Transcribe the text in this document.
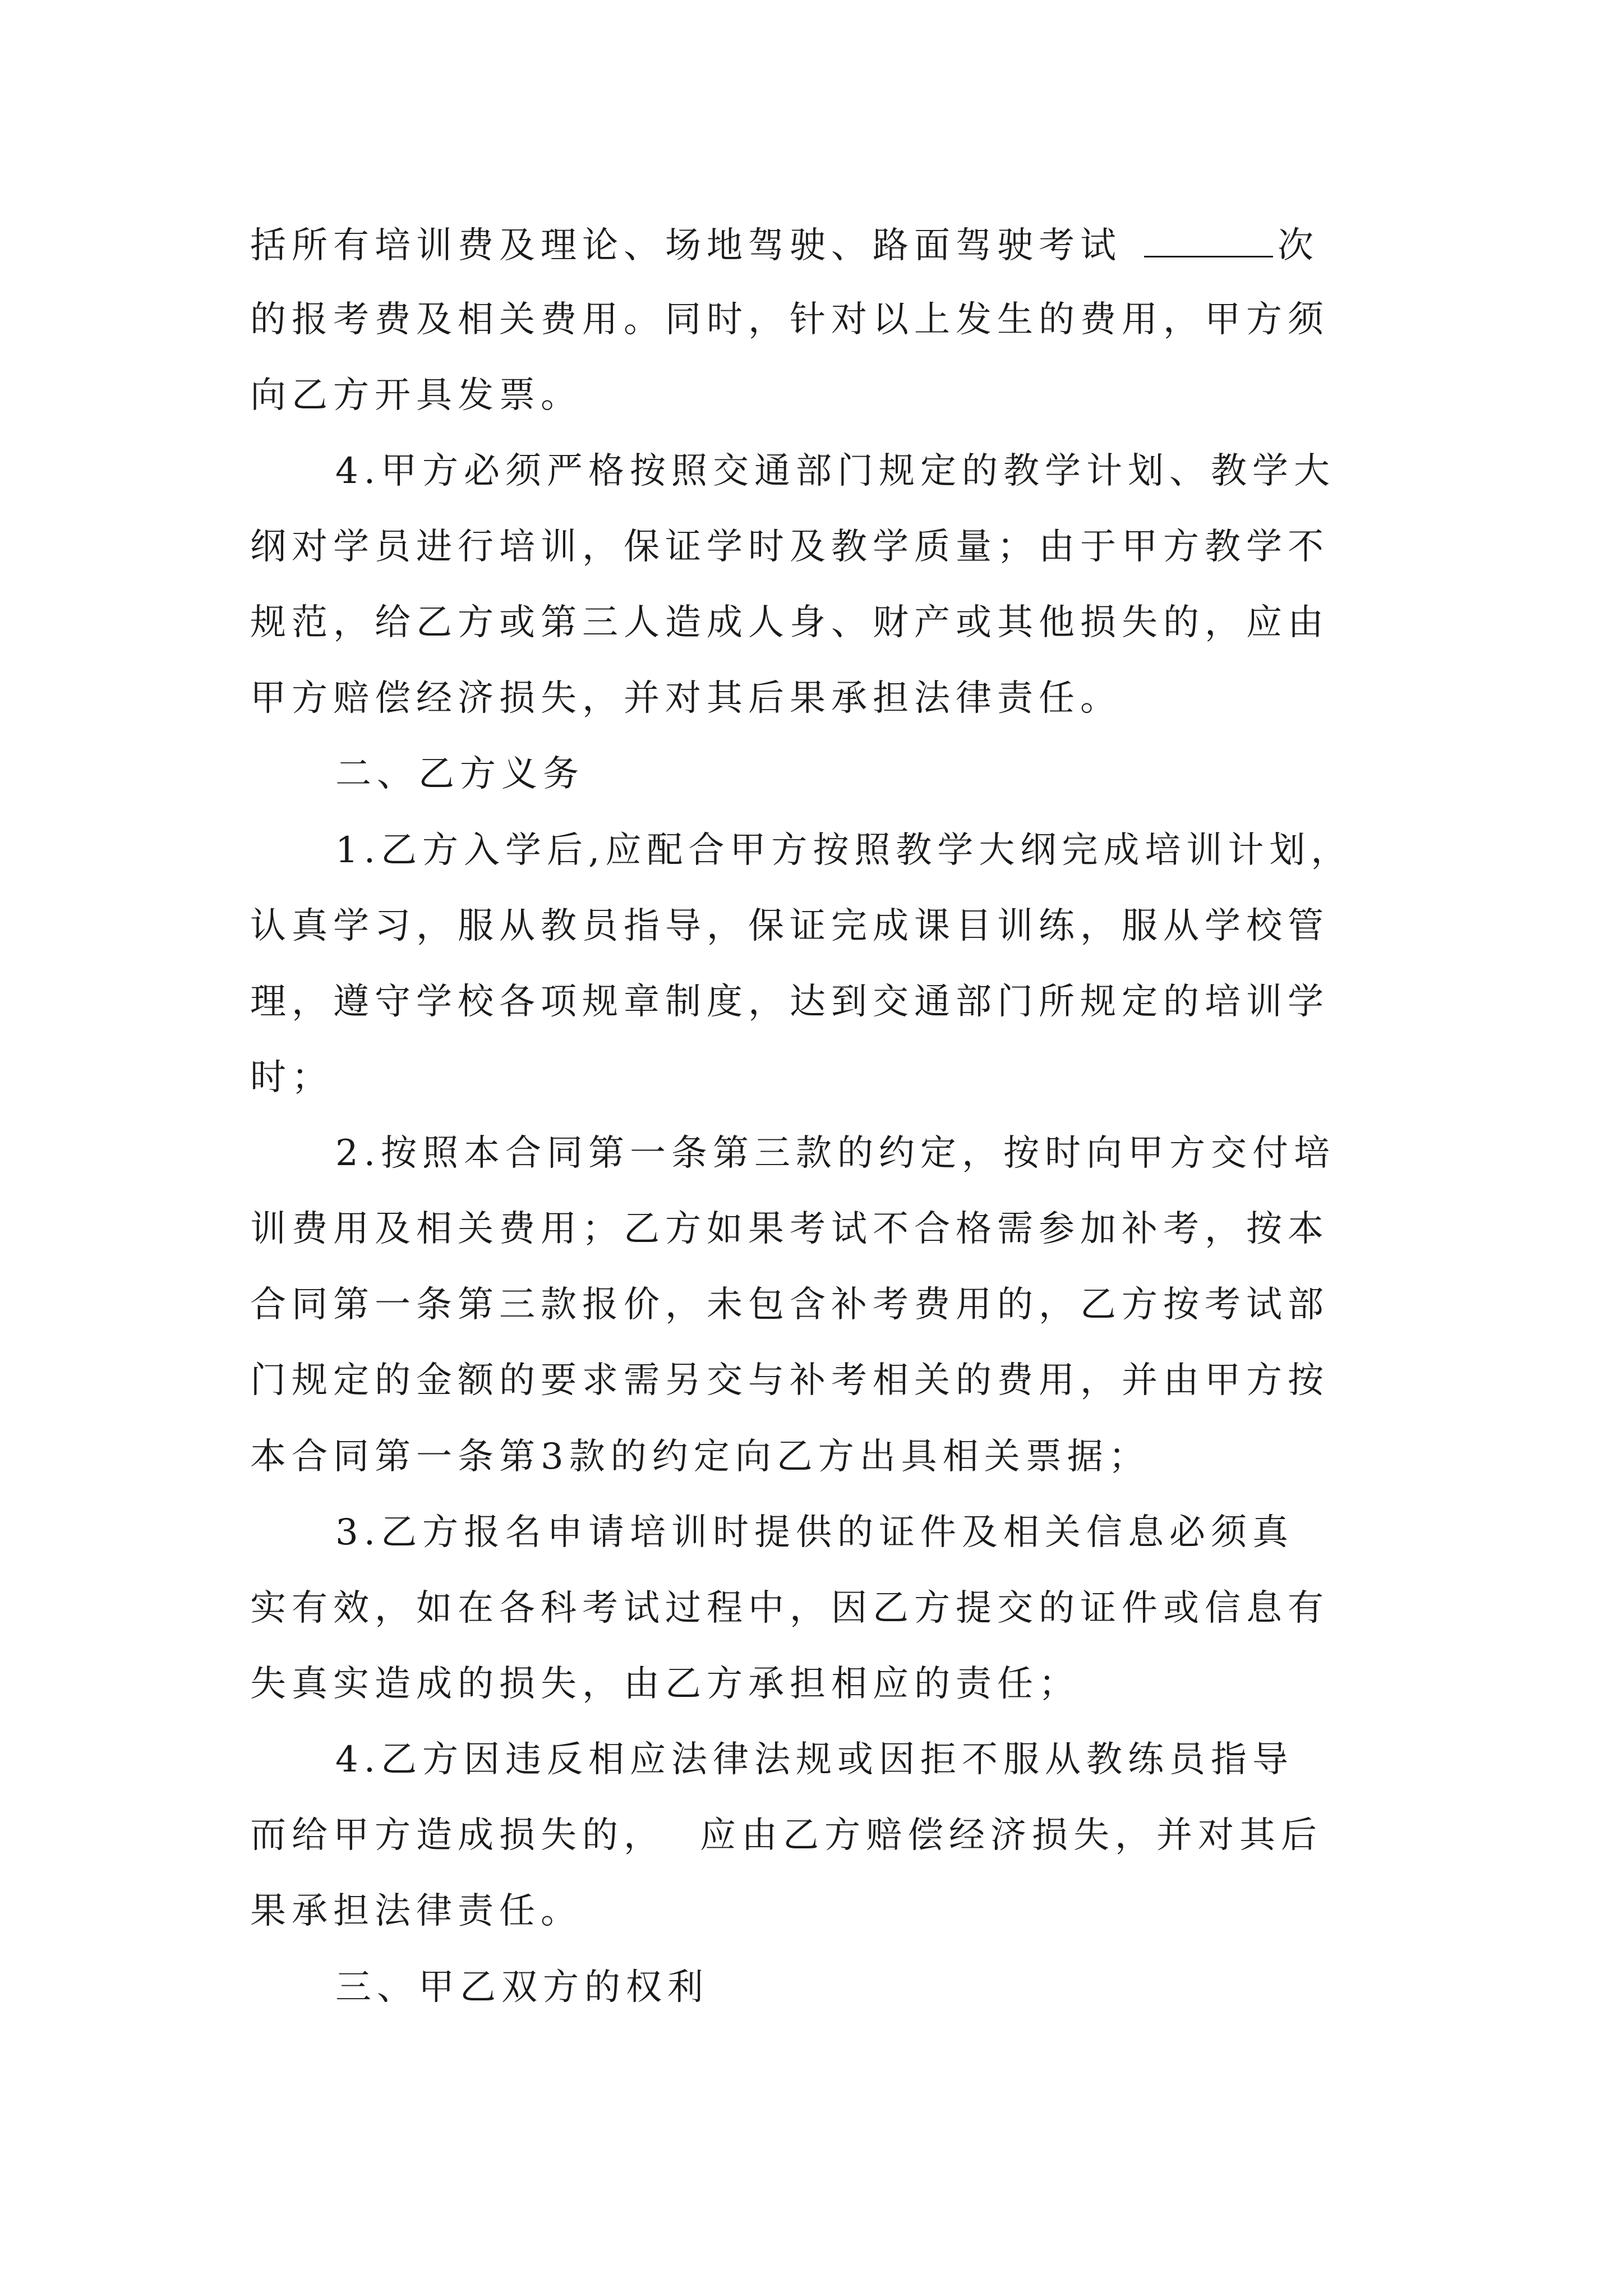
括所有培训费及理论、场地驾驶、路面驾驶考试	次
的报考费及相关费用。同时，针对以上发生的费用，甲方须
向乙方开具发票。
4.甲方必须严格按照交通部门规定的教学计划、教学大
纲对学员进行培训，保证学时及教学质量；由于甲方教学不
规范，给乙方或第三人造成人身、财产或其他损失的，应由
甲方赔偿经济损失，并对其后果承担法律责任。
二、乙方义务
1.乙方入学后,应配合甲方按照教学大纲完成培训计划，
认真学习，服从教员指导，保证完成课目训练，服从学校管
理，遵守学校各项规章制度，达到交通部门所规定的培训学
时；
2.按照本合同第一条第三款的约定，按时向甲方交付培
训费用及相关费用；乙方如果考试不合格需参加补考，按本
合同第一条第三款报价，未包含补考费用的，乙方按考试部
门规定的金额的要求需另交与补考相关的费用，并由甲方按
本合同第一条第3款的约定向乙方出具相关票据；
3.乙方报名申请培训时提供的证件及相关信息必须真
实有效，如在各科考试过程中，因乙方提交的证件或信息有
失真实造成的损失，由乙方承担相应的责任；
4.乙方因违反相应法律法规或因拒不服从教练员指导
而给甲方造成损失的， 应由乙方赔偿经济损失，并对其后
果承担法律责任。
三、甲乙双方的权利
